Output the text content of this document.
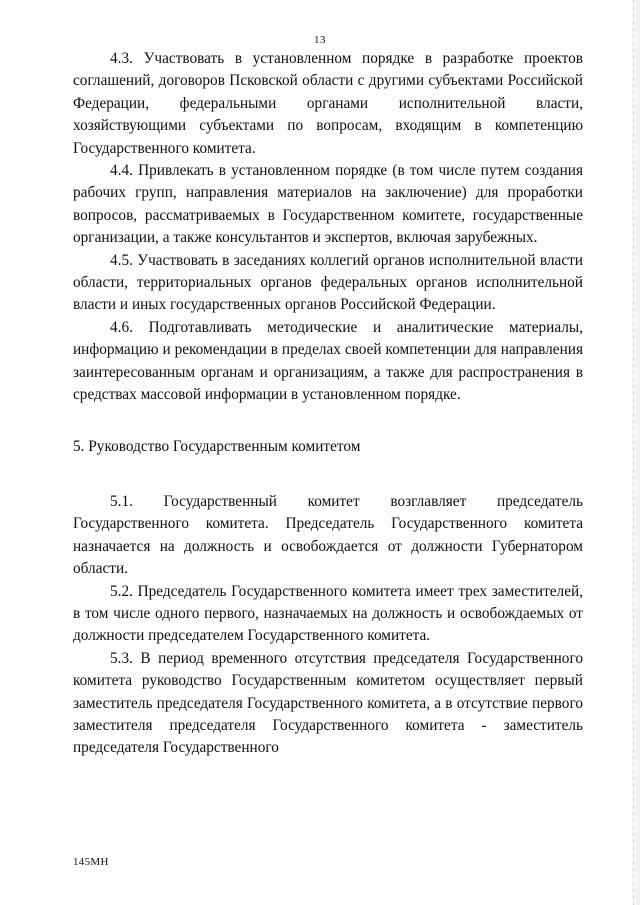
13

4.3. Участвовать в установленном порядке в разработке проектов соглашений, договоров Псковской области с другими субъектами Российской Федерации, федеральными органами исполнительной власти, хозяйствующими субъектами по вопросам, входящим в компетенцию Государственного комитета.

4.4. Привлекать в установленном порядке (в том числе путем создания рабочих групп, направления материалов на заключение) для проработки вопросов, рассматриваемых в Государственном комитете, государственные организации, а также консультантов и экспертов, включая зарубежных.

4.5. Участвовать в заседаниях коллегий органов исполнительной власти области, территориальных органов федеральных органов исполнительной власти и иных государственных органов Российской Федерации.

4.6. Подготавливать методические и аналитические материалы, информацию и рекомендации в пределах своей компетенции для направления заинтересованным органам и организациям, а также для распространения в средствах массовой информации в установленном порядке.

5. Руководство Государственным комитетом

5.1. Государственный комитет возглавляет председатель Государственного комитета. Председатель Государственного комитета назначается на должность и освобождается от должности Губернатором области.

5.2. Председатель Государственного комитета имеет трех заместителей, в том числе одного первого, назначаемых на должность и освобождаемых от должности председателем Государственного комитета.

5.3. В период временного отсутствия председателя Государственного комитета руководство Государственным комитетом осуществляет первый заместитель председателя Государственного комитета, а в отсутствие первого заместителя председателя Государственного комитета - заместитель председателя Государственного

145МН
